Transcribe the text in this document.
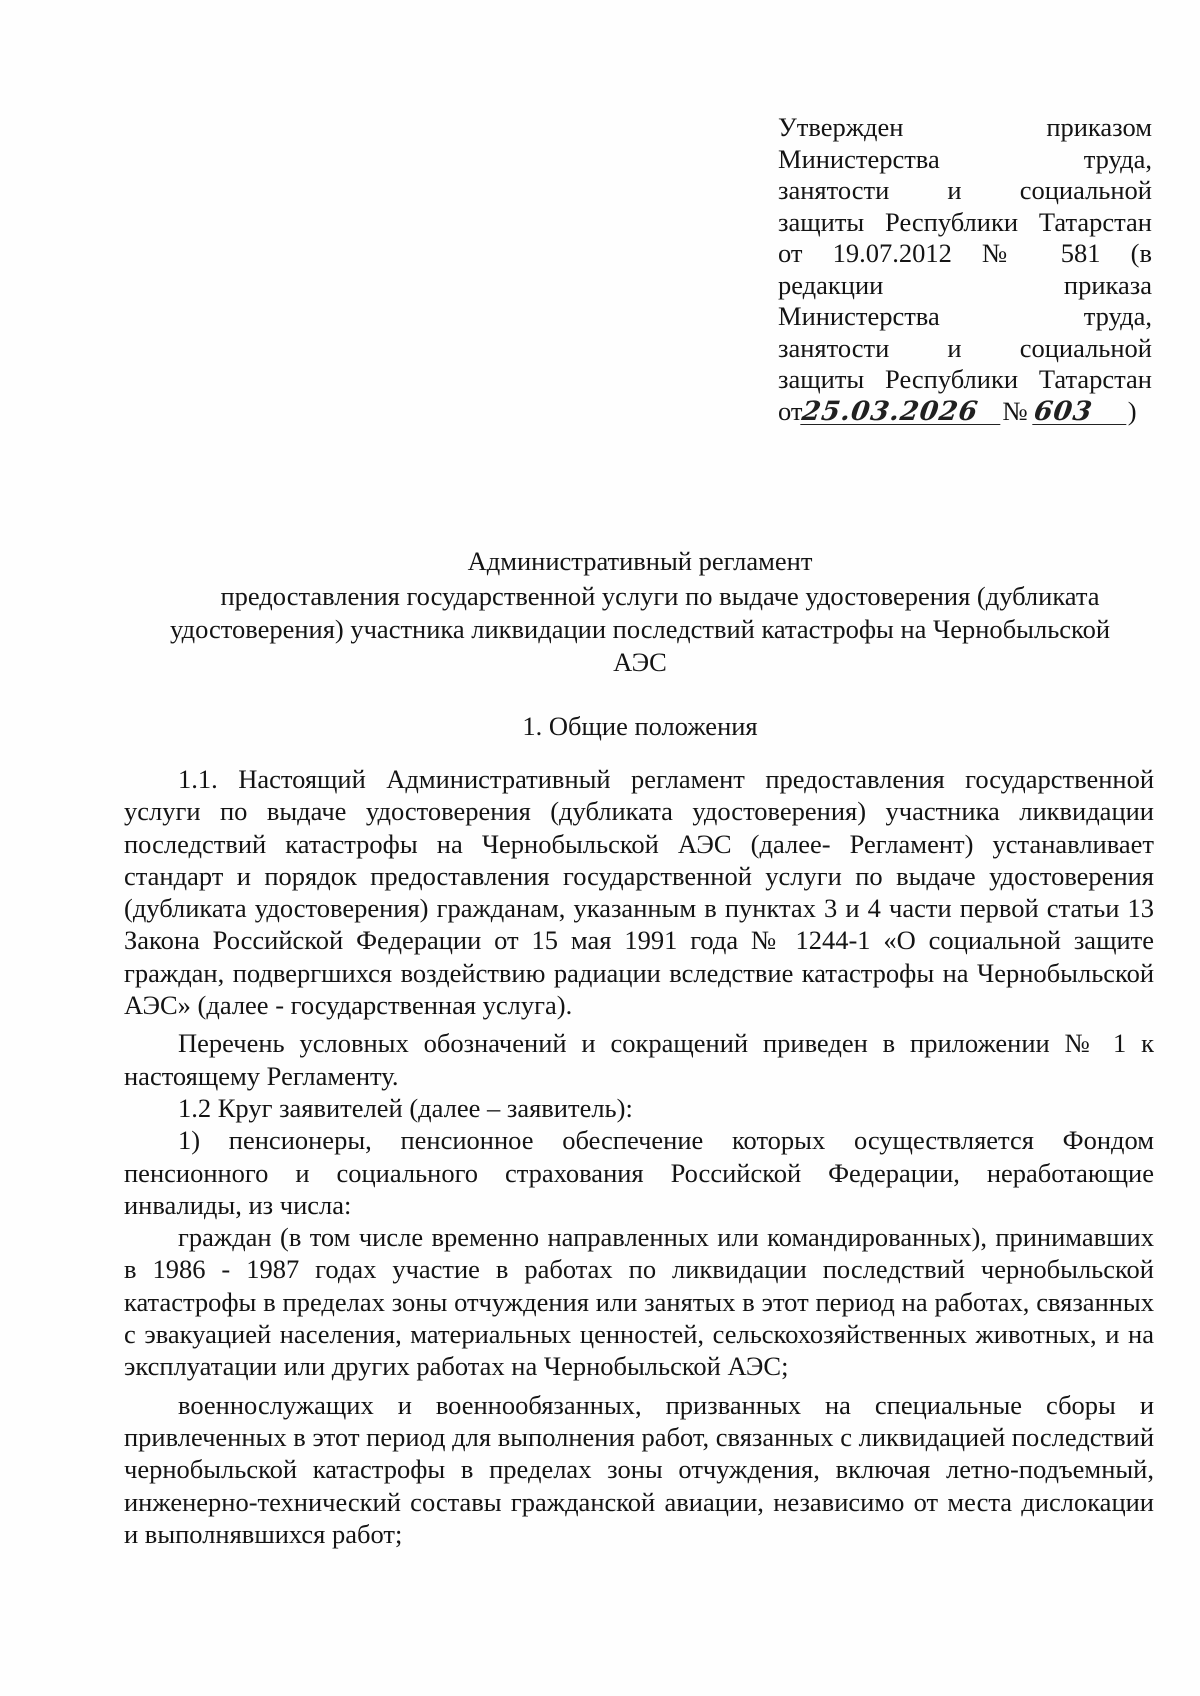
Утвержден приказом
Министерства труда,
занятости и социальной
защиты Республики Татарстан
от 19.07.2012 № 581 (в
редакции приказа
Министерства труда,
занятости и социальной
защиты Республики Татарстан
от25.03.2026 № 603 )
Административный регламент
предоставления государственной услуги по выдаче удостоверения (дубликата
удостоверения) участника ликвидации последствий катастрофы на Чернобыльской
АЭС
1. Общие положения

1.1. Настоящий Административный регламент предоставления государственной услуги по выдаче удостоверения (дубликата удостоверения) участника ликвидации последствий катастрофы на Чернобыльской АЭС (далее- Регламент) устанавливает стандарт и порядок предоставления государственной услуги по выдаче удостоверения (дубликата удостоверения) гражданам, указанным в пунктах 3 и 4 части первой статьи 13 Закона Российской Федерации от 15 мая 1991 года № 1244-1 «О социальной защите граждан, подвергшихся воздействию радиации вследствие катастрофы на Чернобыльской АЭС» (далее - государственная услуга).

Перечень условных обозначений и сокращений приведен в приложении № 1 к настоящему Регламенту.

1.2 Круг заявителей (далее – заявитель):

1) пенсионеры, пенсионное обеспечение которых осуществляется Фондом пенсионного и социального страхования Российской Федерации, неработающие инвалиды, из числа:

граждан (в том числе временно направленных или командированных), принимавших в 1986 - 1987 годах участие в работах по ликвидации последствий чернобыльской катастрофы в пределах зоны отчуждения или занятых в этот период на работах, связанных с эвакуацией населения, материальных ценностей, сельскохозяйственных животных, и на эксплуатации или других работах на Чернобыльской АЭС;

военнослужащих и военнообязанных, призванных на специальные сборы и привлеченных в этот период для выполнения работ, связанных с ликвидацией последствий чернобыльской катастрофы в пределах зоны отчуждения, включая летно-подъемный, инженерно-технический составы гражданской авиации, независимо от места дислокации и выполнявшихся работ;
